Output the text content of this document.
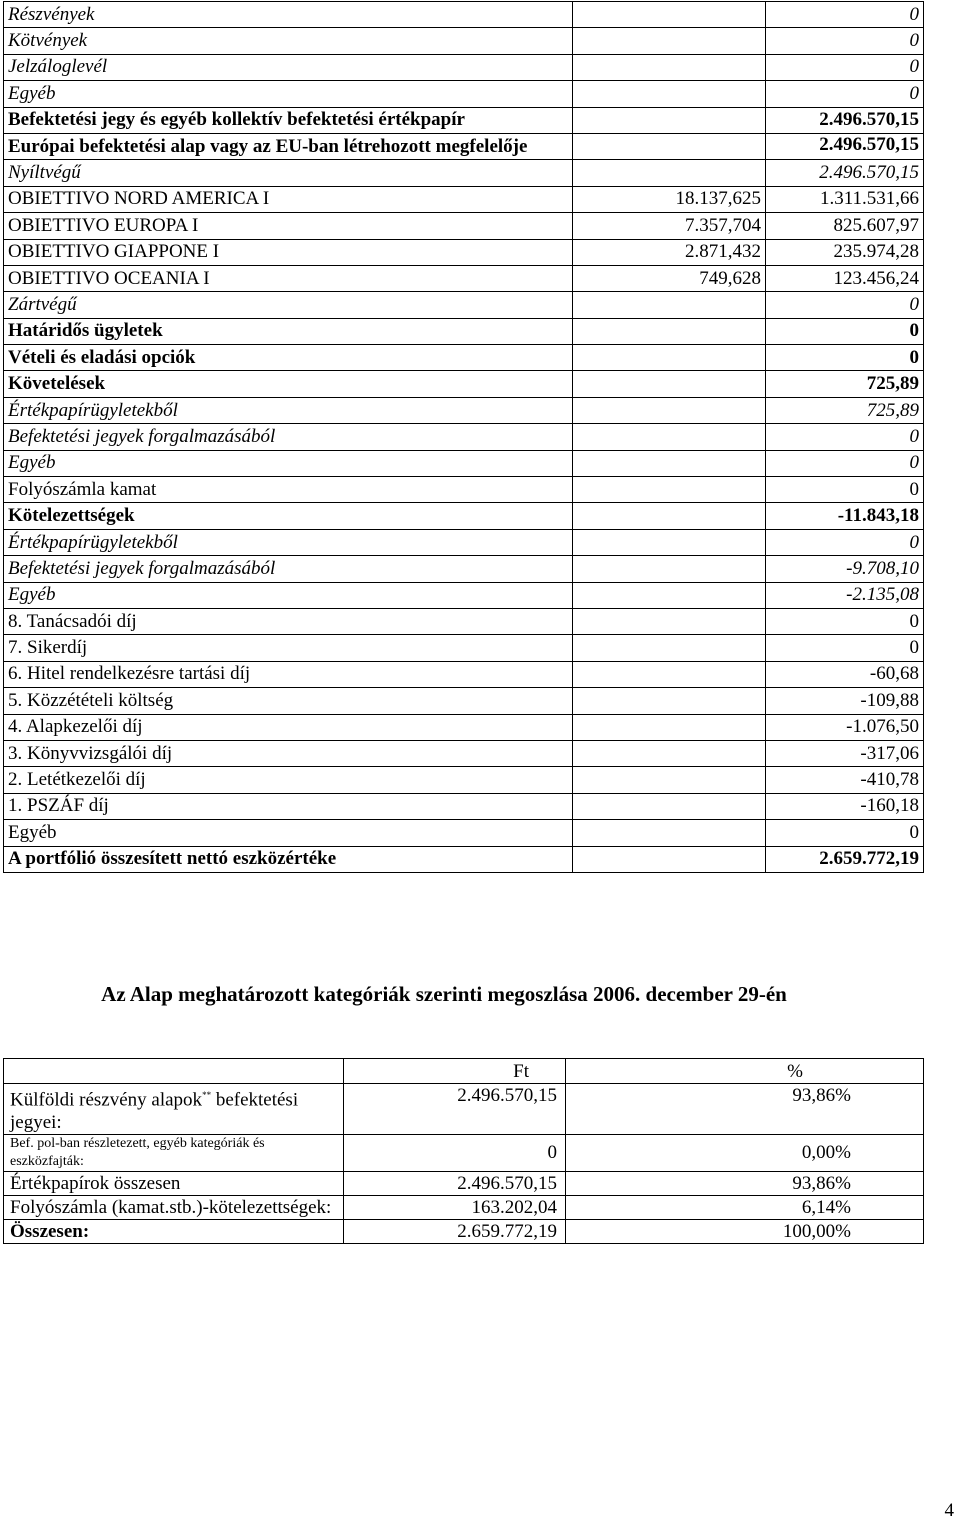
Részvények		0
Kötvények		0
Jelzáloglevél		0
Egyéb		0
Befektetési jegy és egyéb kollektív befektetési értékpapír		2.496.570,15
Európai befektetési alap vagy az EU-ban létrehozott megfelelője		2.496.570,15
Nyíltvégű		2.496.570,15
OBIETTIVO NORD AMERICA I	18.137,625	1.311.531,66
OBIETTIVO EUROPA I	7.357,704	825.607,97
OBIETTIVO GIAPPONE I	2.871,432	235.974,28
OBIETTIVO OCEANIA I	749,628	123.456,24
Zártvégű		0
Határidős ügyletek		0
Vételi és eladási opciók		0
Követelések		725,89
Értékpapírügyletekből		725,89
Befektetési jegyek forgalmazásából		0
Egyéb		0
Folyószámla kamat		0
Kötelezettségek		-11.843,18
Értékpapírügyletekből		0
Befektetési jegyek forgalmazásából		-9.708,10
Egyéb		-2.135,08
8. Tanácsadói díj		0
7. Sikerdíj		0
6. Hitel rendelkezésre tartási díj		-60,68
5. Közzétételi költség		-109,88
4. Alapkezelői díj		-1.076,50
3. Könyvvizsgálói díj		-317,06
2. Letétkezelői díj		-410,78
1. PSZÁF díj		-160,18
Egyéb		0
A portfólió összesített nettó eszközértéke		2.659.772,19
Az Alap meghatározott kategóriák szerinti megoszlása 2006. december 29-én
	Ft	%
Külföldi részvény alapok** befektetési jegyei:	2.496.570,15	93,86%
Bef. pol-ban részletezett, egyéb kategóriák és eszközfajták:	0	0,00%
Értékpapírok összesen	2.496.570,15	93,86%
Folyószámla (kamat.stb.)-kötelezettségek:	163.202,04	6,14%
Összesen:	2.659.772,19	100,00%
4
